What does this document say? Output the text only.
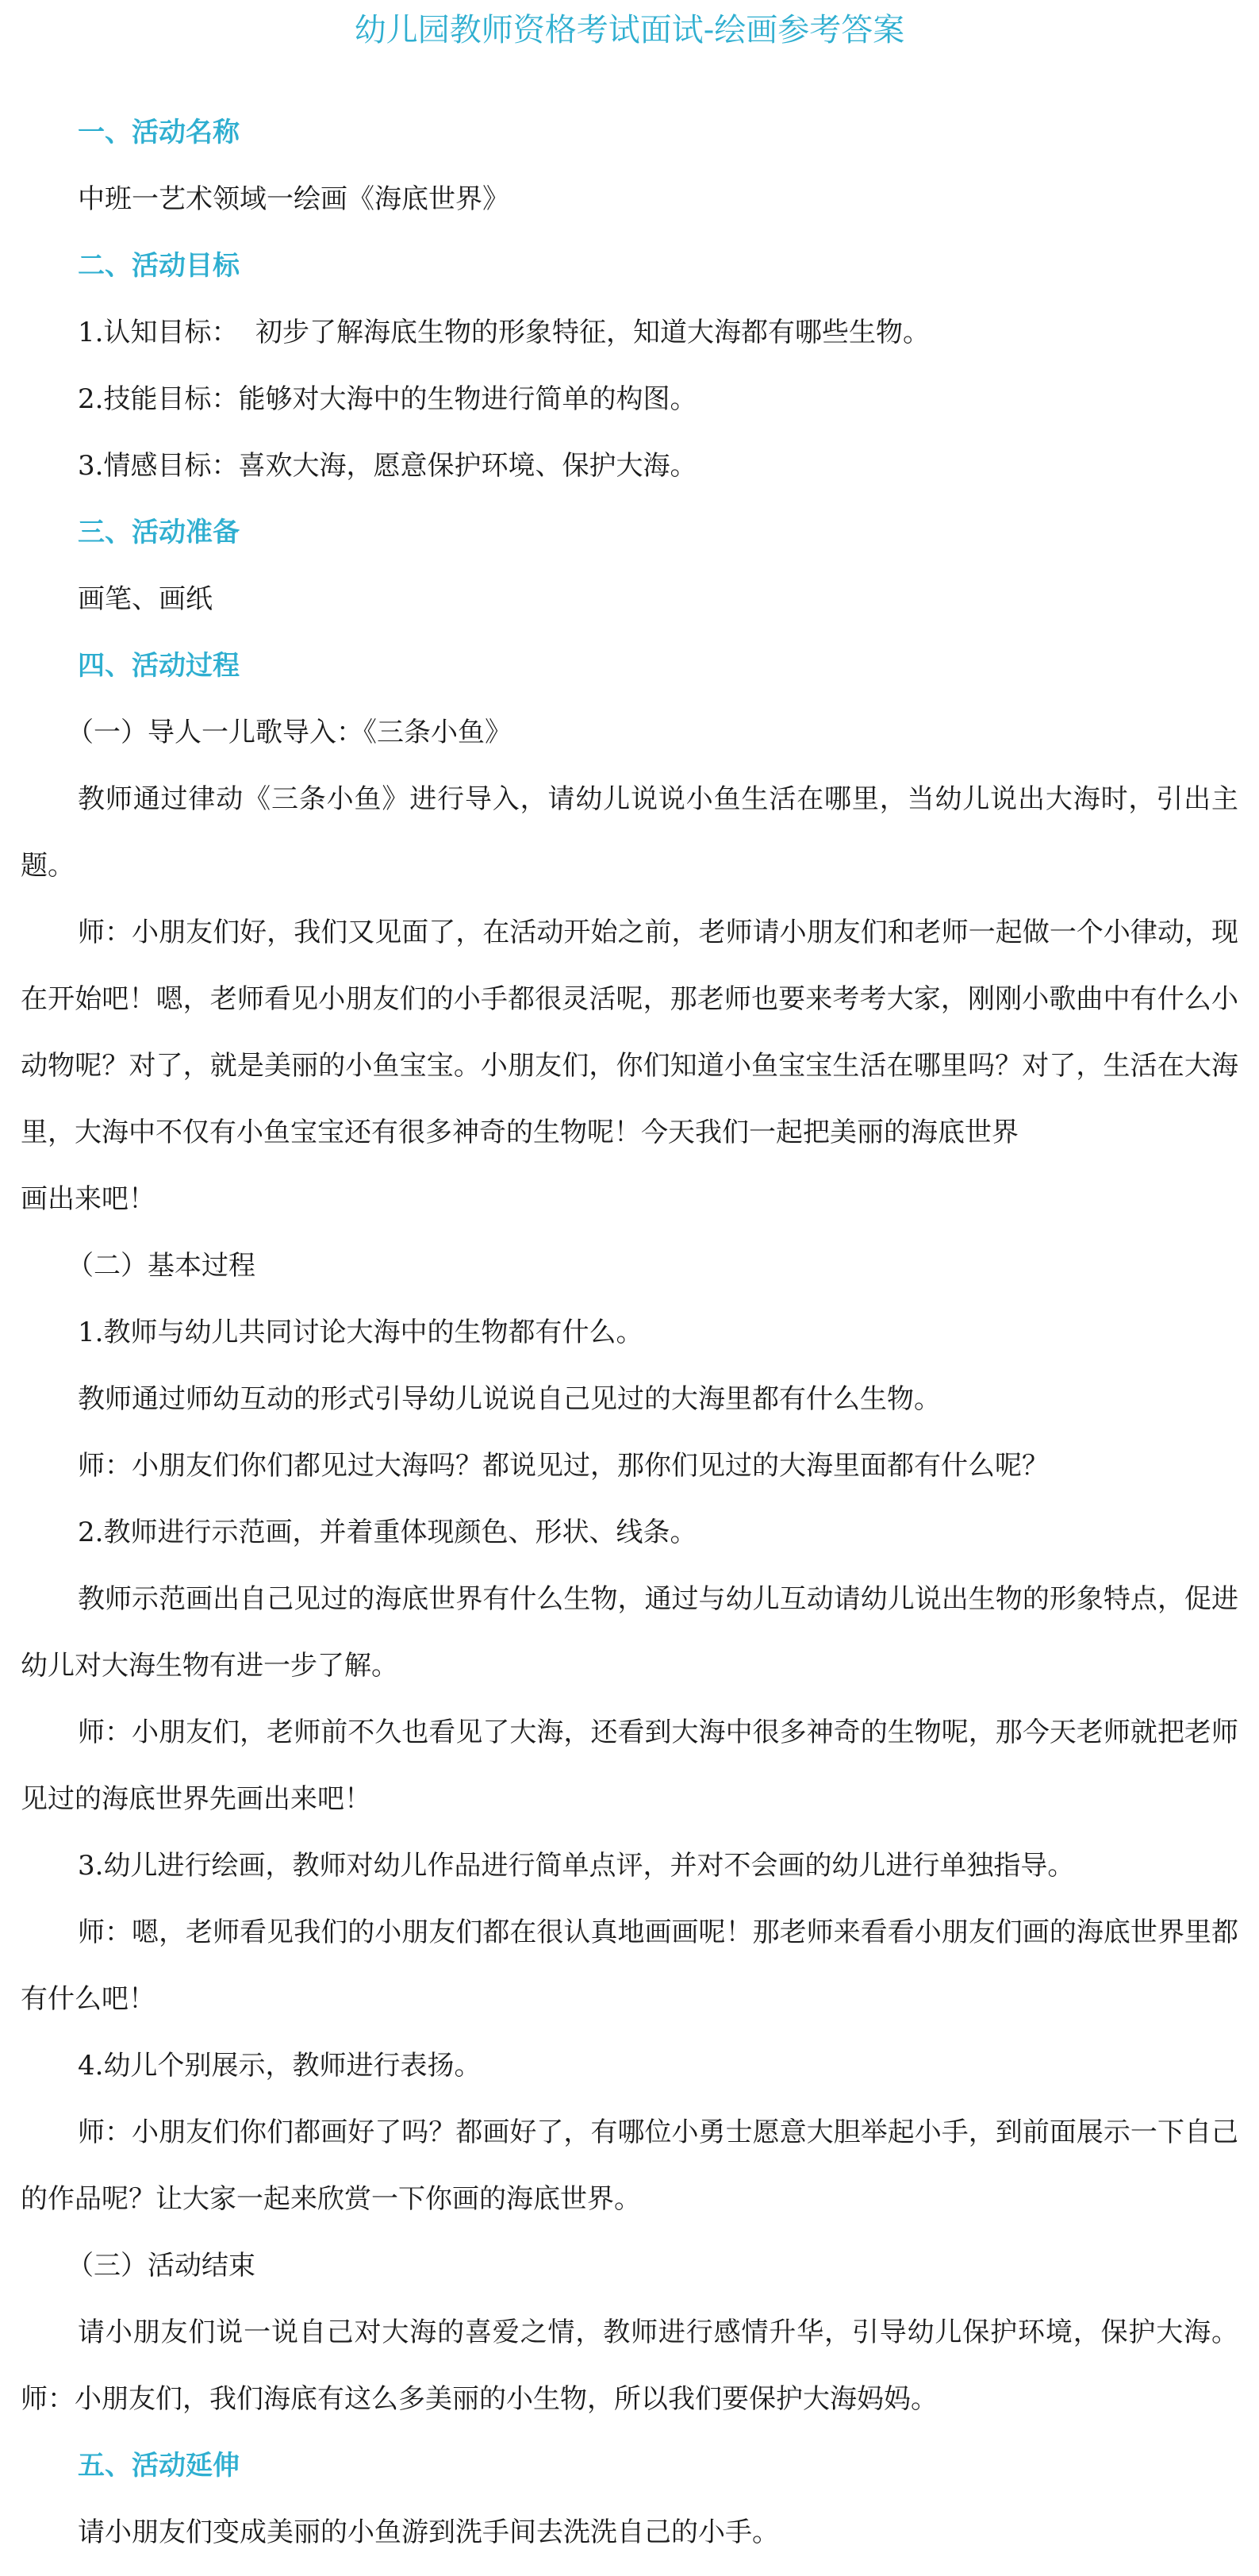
幼儿园教师资格考试面试-绘画参考答案

一、活动名称

中班一艺术领域一绘画《海底世界》

二、活动目标

1.认知目标：  初步了解海底生物的形象特征，知道大海都有哪些生物。

2.技能目标：能够对大海中的生物进行简单的构图。

3.情感目标：喜欢大海，愿意保护环境、保护大海。

三、活动准备

画笔、画纸

四、活动过程

（一）导人一儿歌导入：《三条小鱼》

教师通过律动《三条小鱼》进行导入，请幼儿说说小鱼生活在哪里，当幼儿说出大海时，引出主题。

师：小朋友们好，我们又见面了，在活动开始之前，老师请小朋友们和老师一起做一个小律动，现在开始吧！嗯，老师看见小朋友们的小手都很灵活呢，那老师也要来考考大家，刚刚小歌曲中有什么小动物呢？对了，就是美丽的小鱼宝宝。小朋友们，你们知道小鱼宝宝生活在哪里吗？对了，生活在大海里，大海中不仅有小鱼宝宝还有很多神奇的生物呢！今天我们一起把美丽的海底世界

画出来吧！

（二）基本过程

1.教师与幼儿共同讨论大海中的生物都有什么。

教师通过师幼互动的形式引导幼儿说说自己见过的大海里都有什么生物。

师：小朋友们你们都见过大海吗？都说见过，那你们见过的大海里面都有什么呢？

2.教师进行示范画，并着重体现颜色、形状、线条。

教师示范画出自己见过的海底世界有什么生物，通过与幼儿互动请幼儿说出生物的形象特点，促进幼儿对大海生物有进一步了解。

师：小朋友们，老师前不久也看见了大海，还看到大海中很多神奇的生物呢，那今天老师就把老师见过的海底世界先画出来吧！

3.幼儿进行绘画，教师对幼儿作品进行简单点评，并对不会画的幼儿进行单独指导。

师：嗯，老师看见我们的小朋友们都在很认真地画画呢！那老师来看看小朋友们画的海底世界里都有什么吧！

4.幼儿个别展示，教师进行表扬。

师：小朋友们你们都画好了吗？都画好了，有哪位小勇士愿意大胆举起小手，到前面展示一下自己的作品呢？让大家一起来欣赏一下你画的海底世界。

（三）活动结束

请小朋友们说一说自己对大海的喜爱之情，教师进行感情升华，引导幼儿保护环境，保护大海。师：小朋友们，我们海底有这么多美丽的小生物，所以我们要保护大海妈妈。

五、活动延伸

请小朋友们变成美丽的小鱼游到洗手间去洗洗自己的小手。
